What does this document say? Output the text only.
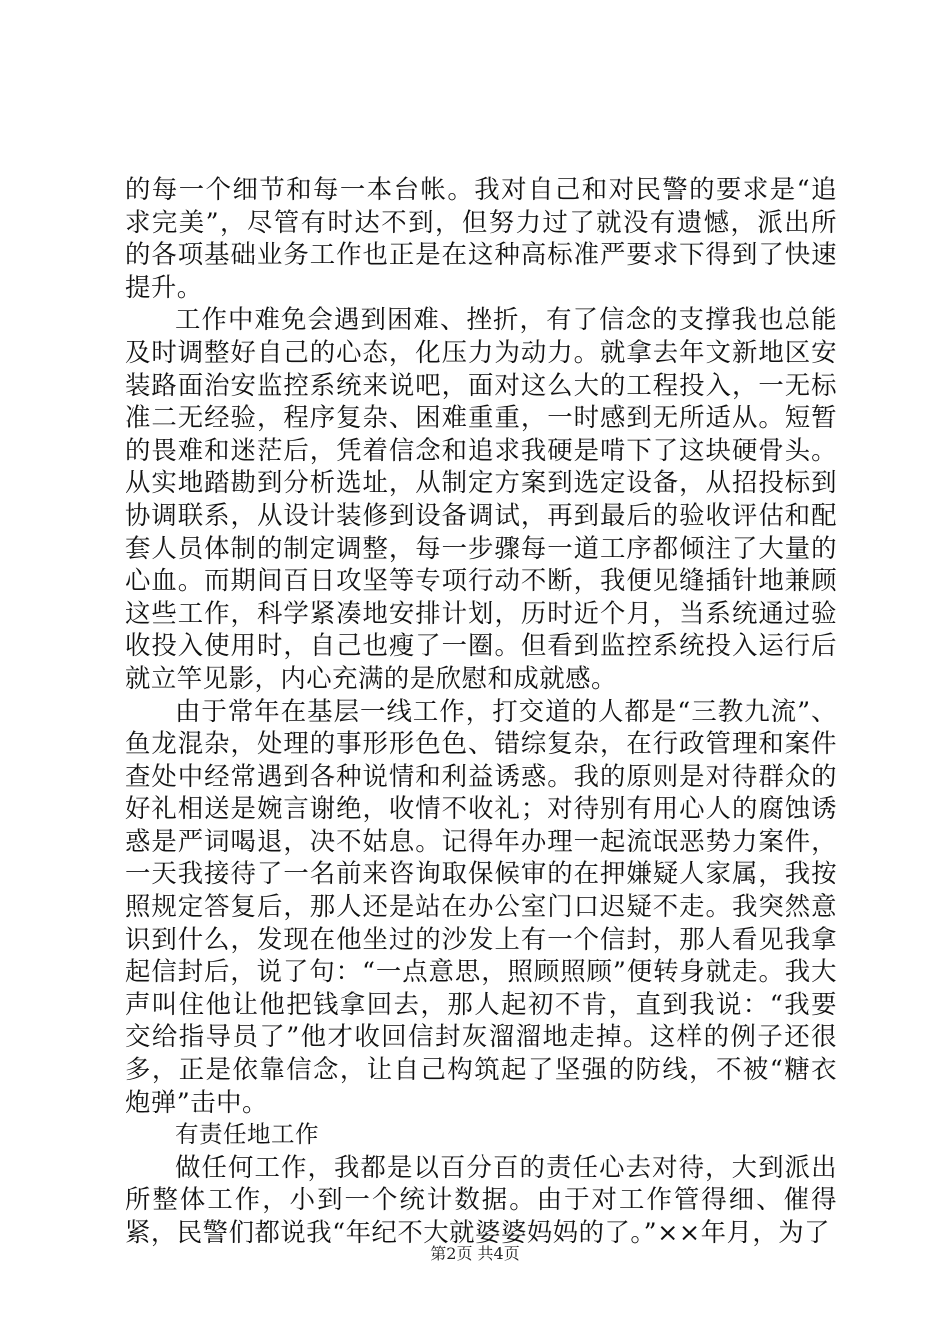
的每一个细节和每一本台帐。我对自己和对民警的要求是“追求完美”，尽管有时达不到，但努力过了就没有遗憾，派出所的各项基础业务工作也正是在这种高标准严要求下得到了快速提升。

工作中难免会遇到困难、挫折，有了信念的支撑我也总能及时调整好自己的心态，化压力为动力。就拿去年文新地区安装路面治安监控系统来说吧，面对这么大的工程投入，一无标准二无经验，程序复杂、困难重重，一时感到无所适从。短暂的畏难和迷茫后，凭着信念和追求我硬是啃下了这块硬骨头。从实地踏勘到分析选址，从制定方案到选定设备，从招投标到协调联系，从设计装修到设备调试，再到最后的验收评估和配套人员体制的制定调整，每一步骤每一道工序都倾注了大量的心血。而期间百日攻坚等专项行动不断，我便见缝插针地兼顾这些工作，科学紧凑地安排计划，历时近个月，当系统通过验收投入使用时，自己也瘦了一圈。但看到监控系统投入运行后就立竿见影，内心充满的是欣慰和成就感。

由于常年在基层一线工作，打交道的人都是“三教九流”、鱼龙混杂，处理的事形形色色、错综复杂，在行政管理和案件查处中经常遇到各种说情和利益诱惑。我的原则是对待群众的好礼相送是婉言谢绝，收情不收礼；对待别有用心人的腐蚀诱惑是严词喝退，决不姑息。记得年办理一起流氓恶势力案件，一天我接待了一名前来咨询取保候审的在押嫌疑人家属，我按照规定答复后，那人还是站在办公室门口迟疑不走。我突然意识到什么，发现在他坐过的沙发上有一个信封，那人看见我拿起信封后，说了句：“一点意思，照顾照顾”便转身就走。我大声叫住他让他把钱拿回去，那人起初不肯，直到我说：“我要交给指导员了”他才收回信封灰溜溜地走掉。这样的例子还很多，正是依靠信念，让自己构筑起了坚强的防线，不被“糖衣炮弹”击中。

有责任地工作

做任何工作，我都是以百分百的责任心去对待，大到派出所整体工作，小到一个统计数据。由于对工作管得细、催得紧，民警们都说我“年纪不大就婆婆妈妈的了。”××年月，为了

第2页 共4页
